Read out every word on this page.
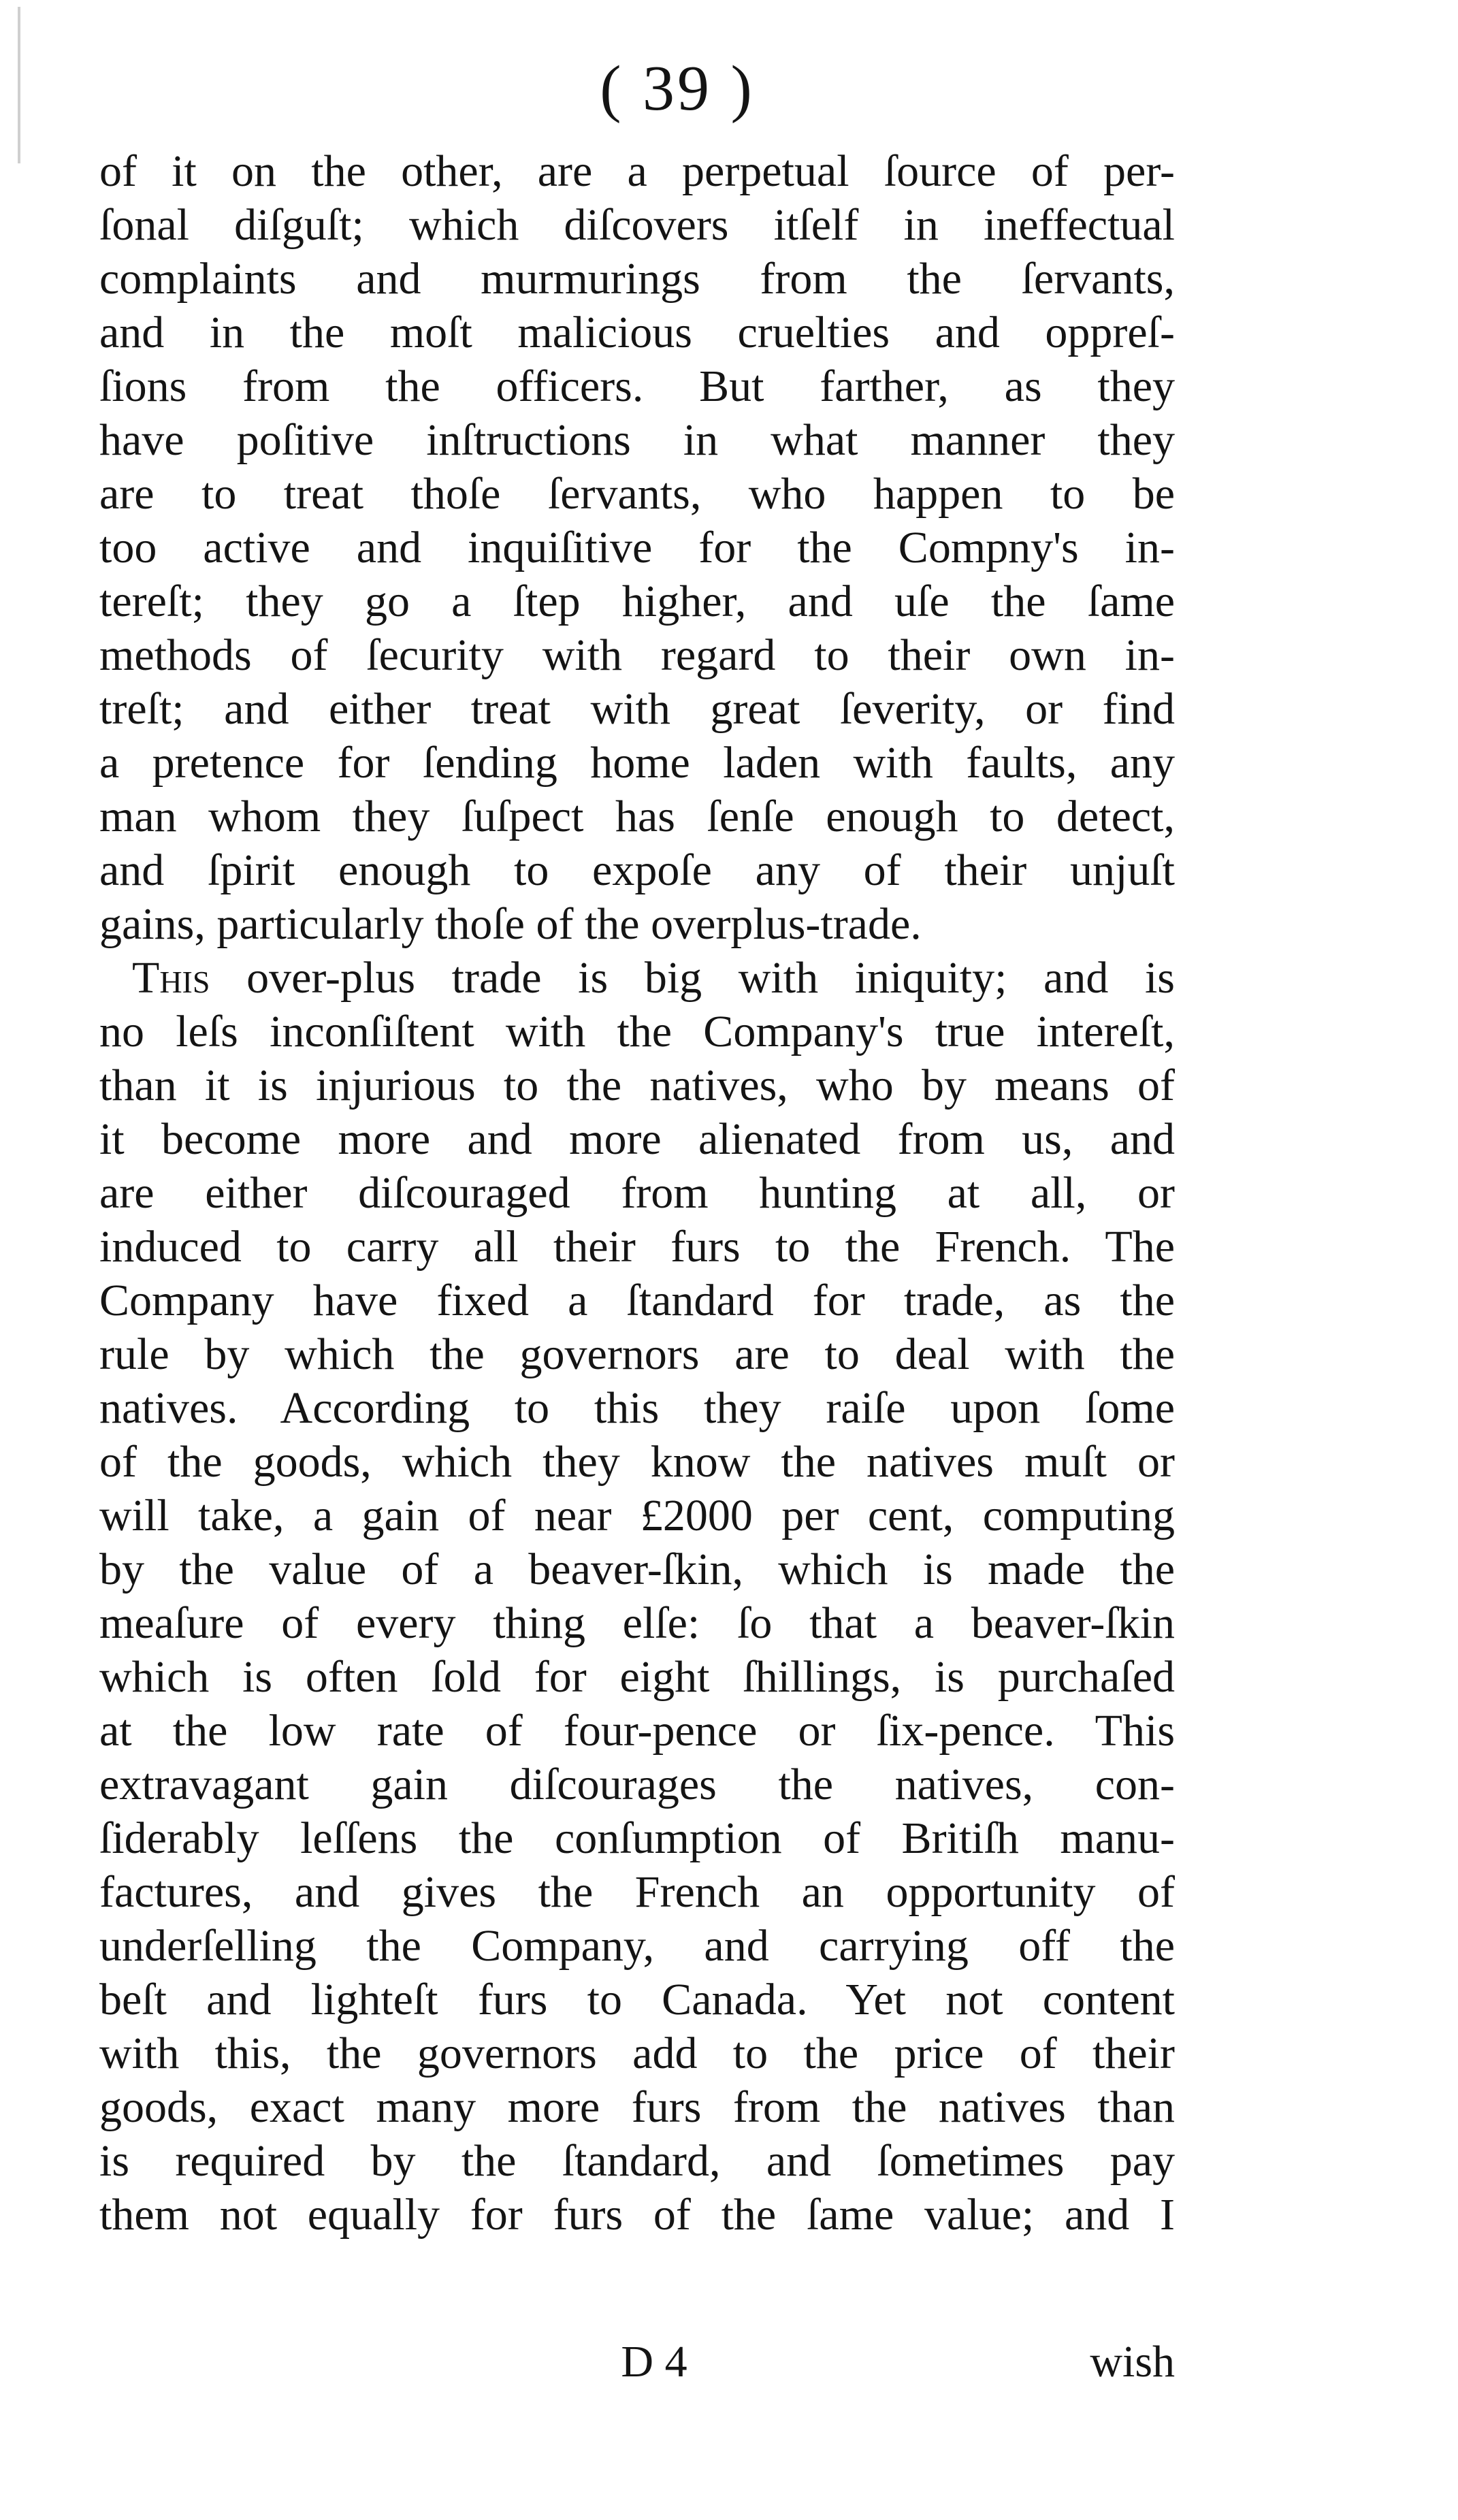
( 39 )
of it on the other, are a perpetual ſource of per-
ſonal diſguſt; which diſcovers itſelf in ineffectual
complaints and murmurings from the ſervants,
and in the moſt malicious cruelties and oppreſ-
ſions from the officers. But farther, as they
have poſitive inſtructions in what manner they
are to treat thoſe ſervants, who happen to be
too active and inquiſitive for the Compny's in-
tereſt; they go a ſtep higher, and uſe the ſame
methods of ſecurity with regard to their own in-
treſt; and either treat with great ſeverity, or find
a pretence for ſending home laden with faults, any
man whom they ſuſpect has ſenſe enough to detect,
and ſpirit enough to expoſe any of their unjuſt
gains, particularly thoſe of the overplus-trade.
This over-plus trade is big with iniquity; and is
no leſs inconſiſtent with the Company's true intereſt,
than it is injurious to the natives, who by means of
it become more and more alienated from us, and
are either diſcouraged from hunting at all, or
induced to carry all their furs to the French. The
Company have fixed a ſtandard for trade, as the
rule by which the governors are to deal with the
natives. According to this they raiſe upon ſome
of the goods, which they know the natives muſt or
will take, a gain of near £2000 per cent, computing
by the value of a beaver-ſkin, which is made the
meaſure of every thing elſe: ſo that a beaver-ſkin
which is often ſold for eight ſhillings, is purchaſed
at the low rate of four-pence or ſix-pence. This
extravagant gain diſcourages the natives, con-
ſiderably leſſens the conſumption of Britiſh manu-
factures, and gives the French an opportunity of
underſelling the Company, and carrying off the
beſt and lighteſt furs to Canada. Yet not content
with this, the governors add to the price of their
goods, exact many more furs from the natives than
is required by the ſtandard, and ſometimes pay
them not equally for furs of the ſame value; and I
D 4	wish
